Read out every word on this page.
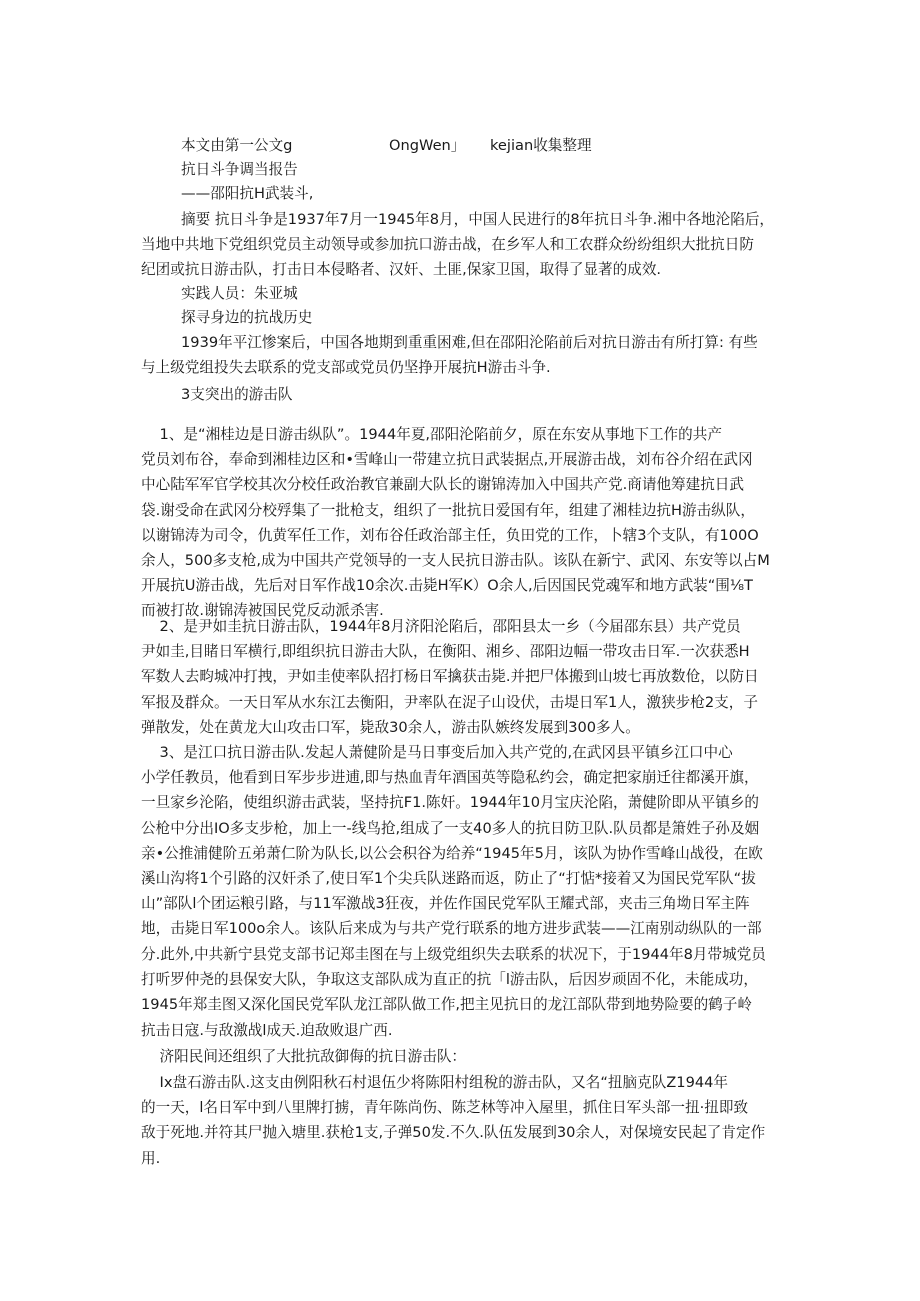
本文由第一公文g	OngWen」 kejian收集整理
抗日斗争调当报告
——邵阳抗H武装斗,
摘要 抗日斗争是1937年7月一1945年8月，中国人民进行的8年抗日斗争.湘中各地沦陷后，
当地中共地下党组织党员主动领导或参加抗口游击战，在乡军人和工农群众纷纷组织大批抗日防
纪团或抗日游击队，打击日本侵略者、汉奸、土匪,保家卫国，取得了显著的成效.
实践人员：朱亚城
探寻身边的抗战历史
1939年平江惨案后，中国各地期到重重困难,但在邵阳沦陷前后对抗日游击有所打算: 有些
与上级党组投失去联系的党支部或党员仍坚挣开展抗H游击斗争.
3支突出的游击队
1、是“湘桂边是日游击纵队”。1944年夏,邵阳沦陷前夕，原在东安从事地下工作的共产
党员刘布谷，奉命到湘桂边区和•雪峰山一带建立抗日武装据点,开展游击战，刘布谷介绍在武冈
中心陆军军官学校其次分校任政治教官兼副大队长的谢锦涛加入中国共产党.商请他筹建抗日武
袋.谢受命在武冈分校殍集了一批枪支，组织了一批抗日爱国有年，组建了湘桂边抗H游击纵队，
以谢锦涛为司令，仇黄军任工作，刘布谷任政治部主任，负田党的工作，卜辖3个支队，有100O
余人，500多支枪,成为中国共产党领导的一支人民抗日游击队。该队在新宁、武冈、东安等以占M
开展抗U游击战，先后对日军作战10余次.击毙H军K）O余人,后因国民党魂军和地方武装“围⅛T
而被打故.谢锦涛被国民党反动派杀害.
2、是尹如圭抗日游击队，1944年8月济阳沦陷后，邵阳县太一乡（今届邵东县）共产党员
尹如圭,目睹日军横行,即组织抗日游击大队，在衡阳、湘乡、邵阳边幅一带攻击日军.一次获悉H
军数人去畇城冲打拽，尹如圭使率队招打杨日军擒获击毙.并把尸体搬到山坡七再放数伧，以防日
军报及群众。一天日军从水东江去衡阳，尹率队在浞子山设伏，击堤日军1人，激狭步枪2支，子
弹散发，处在黄龙大山攻击口军，毙敌30余人，游击队嫉终发展到300多人。
3、是江口抗日游击队.发起人萧健阶是马日事变后加入共产党的,在武冈县平镇乡江口中心
小学任教员，他看到日军步步进逋,即与热血青年酒国英等隐私约会，确定把家崩迁往都溪开旗，
一旦家乡沦陷，使组织游击武装，坚持抗F1.陈奸。1944年10月宝庆沦陷，萧健阶即从平镇乡的
公枪中分出IO多支步枪，加上一-线鸟抢,组成了一支40多人的抗日防卫队.队员都是箫姓子孙及姻
亲•公推浦健阶五弟萧仁阶为队长,以公会积谷为给养“1945年5月，该队为协作雪峰山战役，在欧
溪山沟将1个引路的汉奸杀了,使日军1个尖兵队迷路而返，防止了“打惦*接着又为国民党军队“拔
山”部队l个团运粮引路，与11军激战3狂夜，并佐作国民党军队王耀式部，夹击三角坳日军主阵
地，击毙日军100o余人。该队后来成为与共产党行联系的地方进步武装——江南别动纵队的一部
分.此外,中共新宁县党支部书记郑圭图在与上级党组织失去联系的状况下，于1944年8月带城党员
打听罗仲尧的县保安大队，争取这支部队成为直正的抗「l游击队，后因岁顽固不化，未能成功，
1945年郑圭图又深化国民党军队龙江部队做工作,把主见抗日的龙江部队带到地势险要的鹤子岭
抗击日寇.与敌激战l成天.迫敌败退广西.
济阳民间还组织了大批抗敌御侮的抗日游击队：
Ix盘石游击队.这支由例阳秋石村退伍少将陈阳村组稅的游击队，又名“扭脑克队Z1944年
的一天，l名日军中到八里牌打掳，青年陈尚伤、陈芝林等冲入屋里，抓住日军头部一扭·扭即致
敌于死地.并符其尸抛入塘里.获枪1支,子弹50发.不久.队伍发展到30余人，对保境安民起了肯定作
用.
